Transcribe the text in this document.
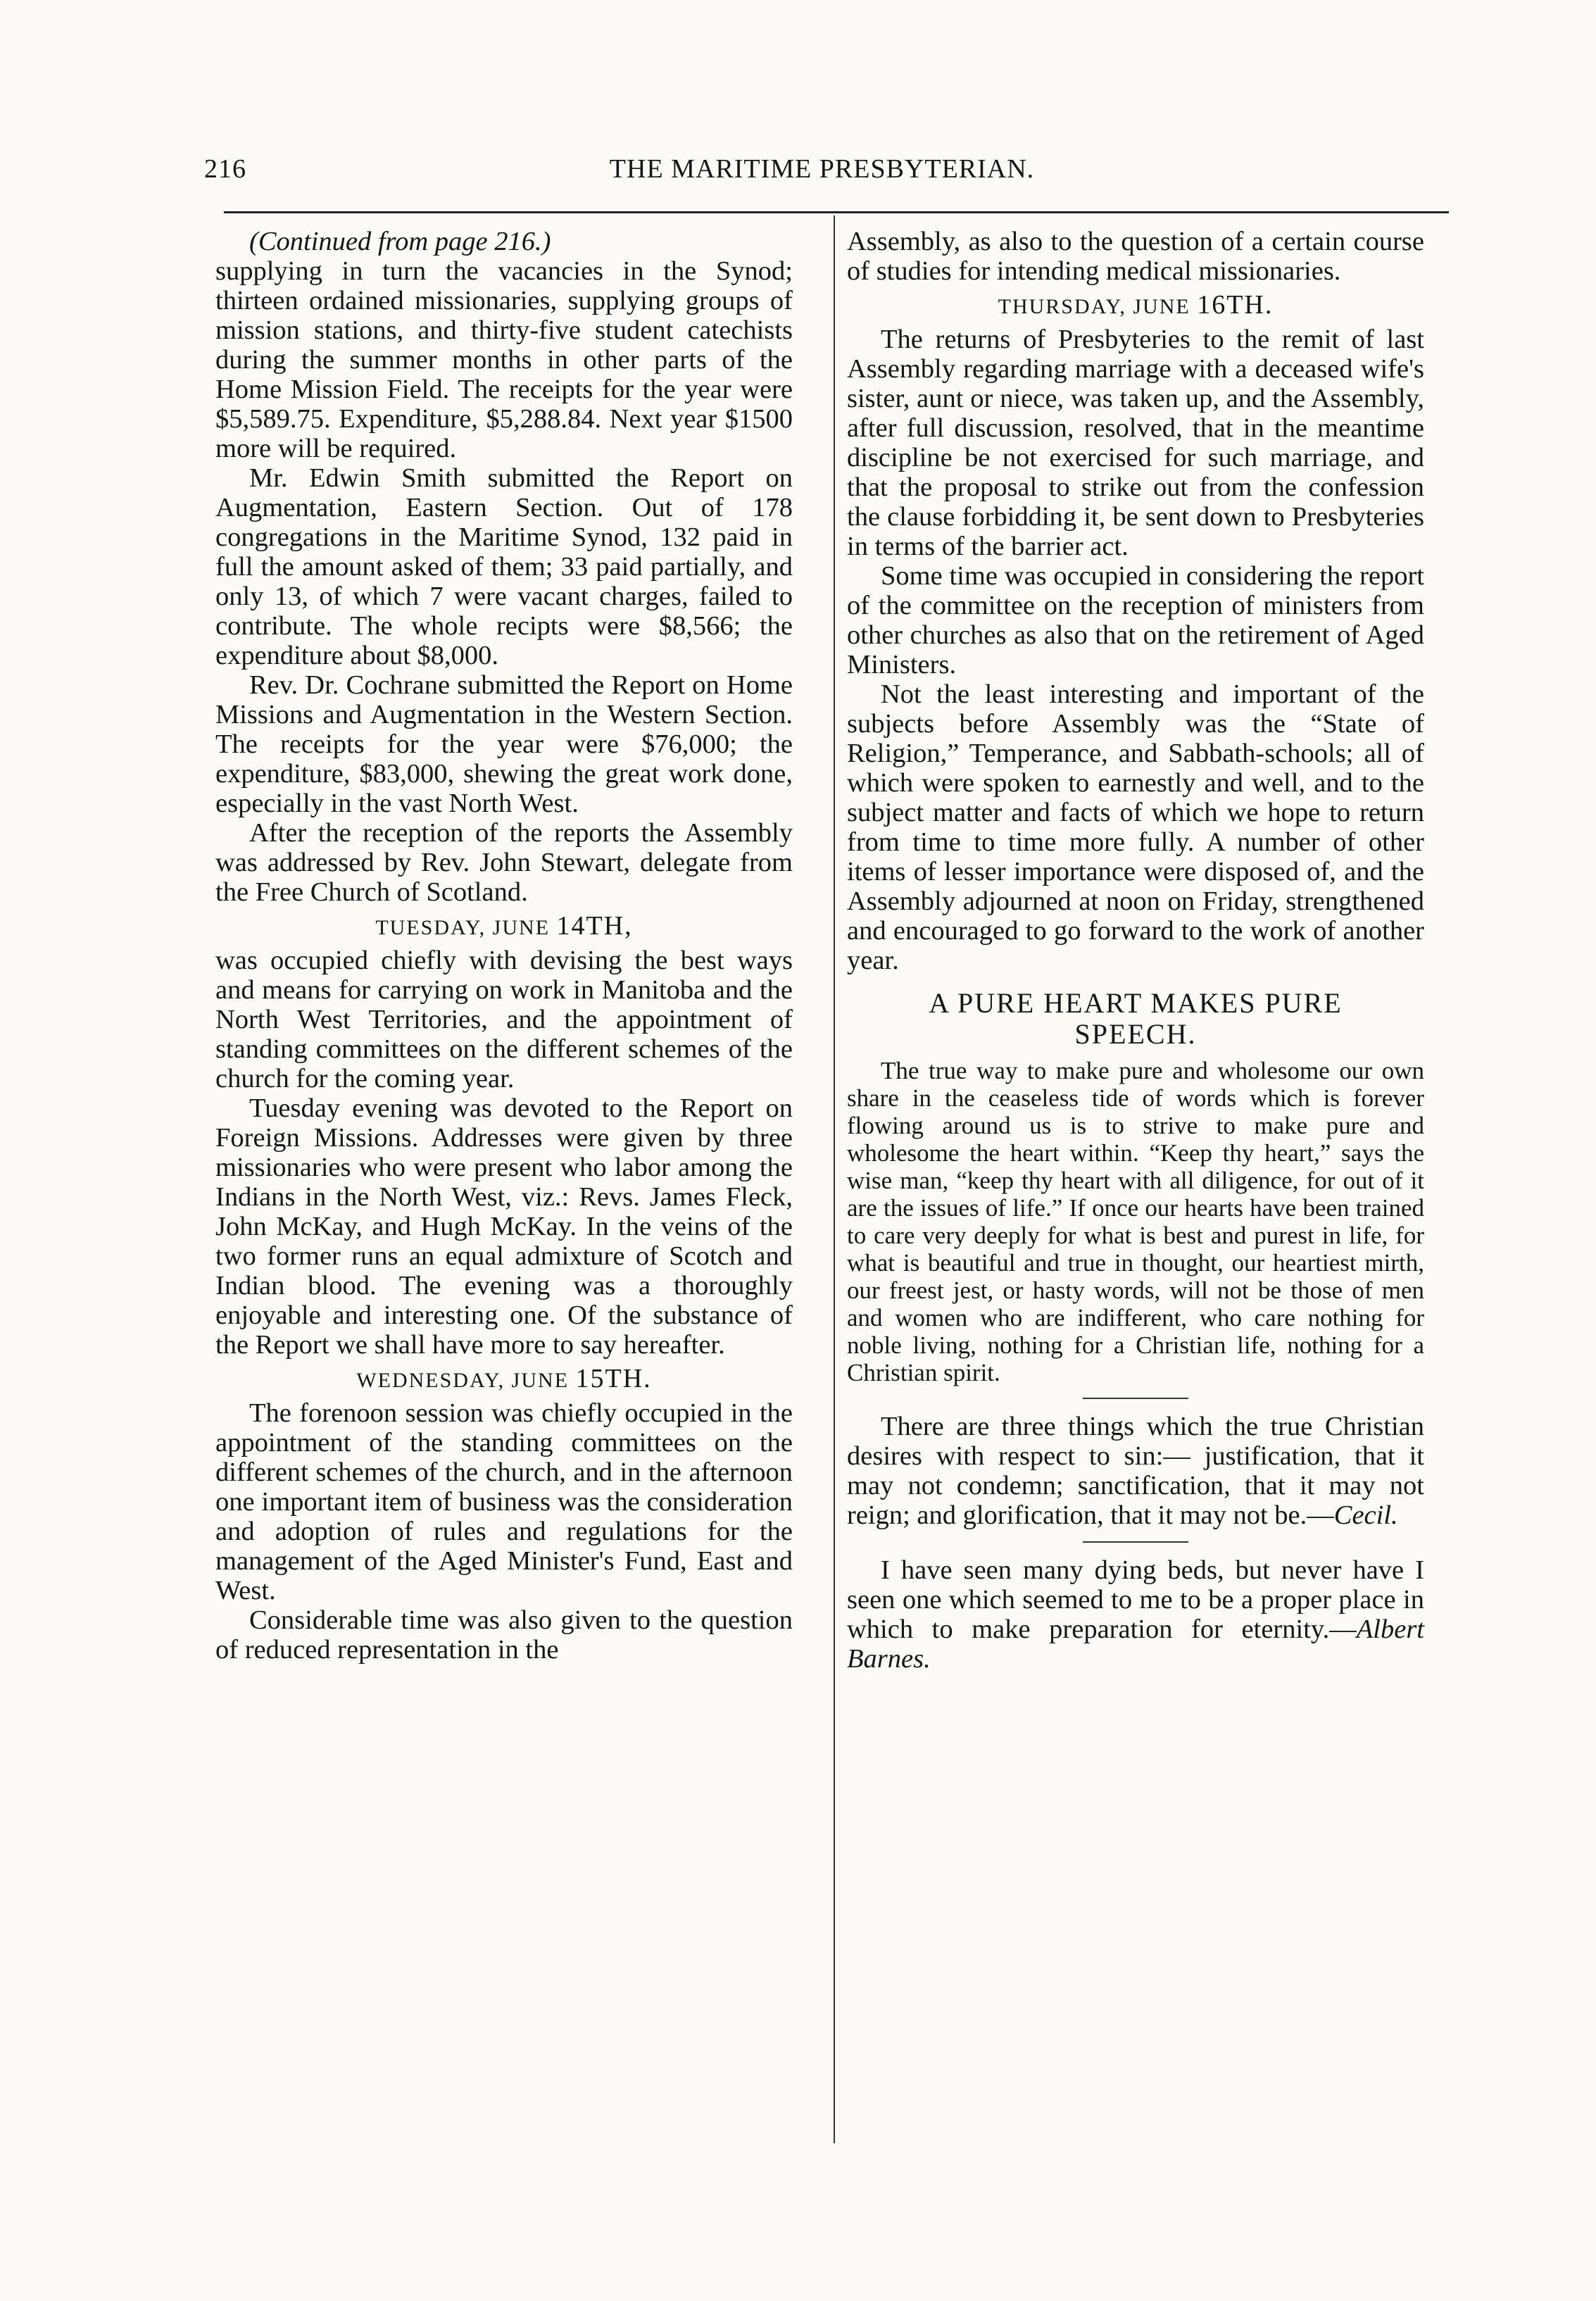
216	THE MARITIME PRESBYTERIAN.

(Continued from page 216.)

supplying in turn the vacancies in the Synod; thirteen ordained missionaries, supplying groups of mission stations, and thirty-five student catechists during the summer months in other parts of the Home Mission Field. The receipts for the year were $5,589.75. Expenditure, $5,288.84. Next year $1500 more will be required.

Mr. Edwin Smith submitted the Report on Augmentation, Eastern Section. Out of 178 congregations in the Maritime Synod, 132 paid in full the amount asked of them; 33 paid partially, and only 13, of which 7 were vacant charges, failed to contribute. The whole recipts were $8,566; the expenditure about $8,000.

Rev. Dr. Cochrane submitted the Report on Home Missions and Augmentation in the Western Section. The receipts for the year were $76,000; the expenditure, $83,000, shewing the great work done, especially in the vast North West.

After the reception of the reports the Assembly was addressed by Rev. John Stewart, delegate from the Free Church of Scotland.

TUESDAY, JUNE 14TH,

was occupied chiefly with devising the best ways and means for carrying on work in Manitoba and the North West Territories, and the appointment of standing committees on the different schemes of the church for the coming year.

Tuesday evening was devoted to the Report on Foreign Missions. Addresses were given by three missionaries who were present who labor among the Indians in the North West, viz.: Revs. James Fleck, John McKay, and Hugh McKay. In the veins of the two former runs an equal admixture of Scotch and Indian blood. The evening was a thoroughly enjoyable and interesting one. Of the substance of the Report we shall have more to say hereafter.

WEDNESDAY, JUNE 15TH.

The forenoon session was chiefly occupied in the appointment of the standing committees on the different schemes of the church, and in the afternoon one important item of business was the consideration and adoption of rules and regulations for the management of the Aged Minister's Fund, East and West.

Considerable time was also given to the question of reduced representation in the

Assembly, as also to the question of a certain course of studies for intending medical missionaries.

THURSDAY, JUNE 16TH.

The returns of Presbyteries to the remit of last Assembly regarding marriage with a deceased wife's sister, aunt or niece, was taken up, and the Assembly, after full discussion, resolved, that in the meantime discipline be not exercised for such marriage, and that the proposal to strike out from the confession the clause forbidding it, be sent down to Presbyteries in terms of the barrier act.

Some time was occupied in considering the report of the committee on the reception of ministers from other churches as also that on the retirement of Aged Ministers.

Not the least interesting and important of the subjects before Assembly was the “State of Religion,” Temperance, and Sabbath-schools; all of which were spoken to earnestly and well, and to the subject matter and facts of which we hope to return from time to time more fully. A number of other items of lesser importance were disposed of, and the Assembly adjourned at noon on Friday, strengthened and encouraged to go forward to the work of another year.

A PURE HEART MAKES PURE
SPEECH.

The true way to make pure and wholesome our own share in the ceaseless tide of words which is forever flowing around us is to strive to make pure and wholesome the heart within. “Keep thy heart,” says the wise man, “keep thy heart with all diligence, for out of it are the issues of life.” If once our hearts have been trained to care very deeply for what is best and purest in life, for what is beautiful and true in thought, our heartiest mirth, our freest jest, or hasty words, will not be those of men and women who are indifferent, who care nothing for noble living, nothing for a Christian life, nothing for a Christian spirit.

There are three things which the true Christian desires with respect to sin:— justification, that it may not condemn; sanctification, that it may not reign; and glorification, that it may not be.—Cecil.

I have seen many dying beds, but never have I seen one which seemed to me to be a proper place in which to make preparation for eternity.—Albert Barnes.
